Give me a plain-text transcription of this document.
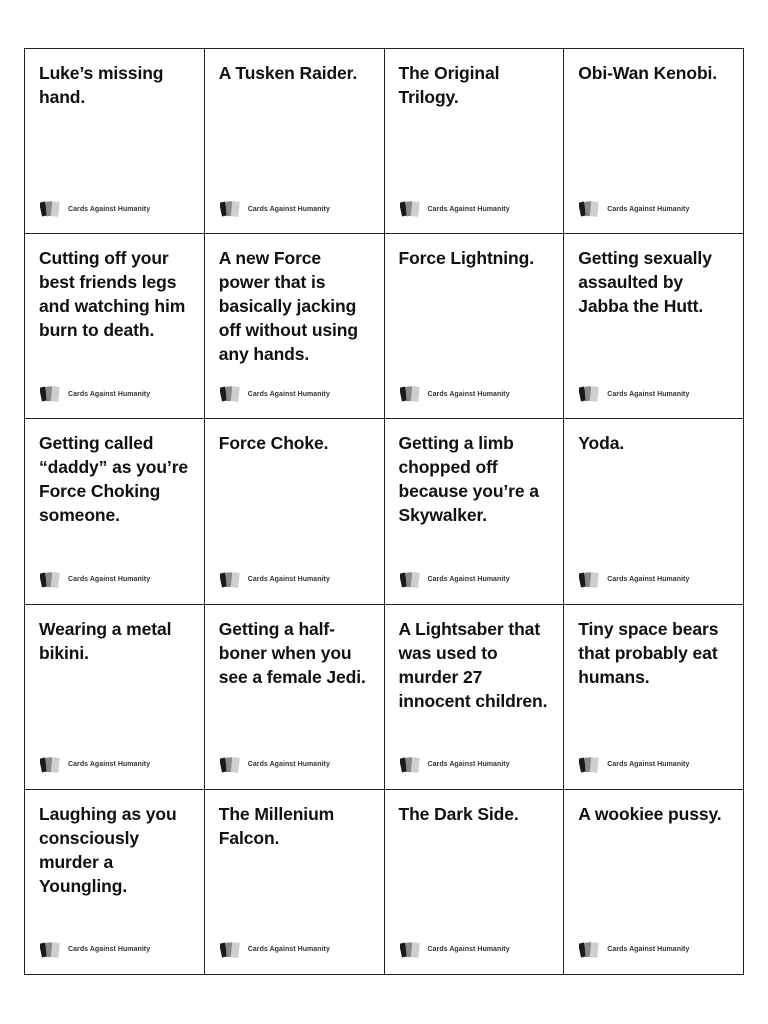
Luke’s missing hand.

Cards Against Humanity

A Tusken Raider.

Cards Against Humanity

The Original Trilogy.

Cards Against Humanity

Obi-Wan Kenobi.

Cards Against Humanity

Cutting off your best friends legs and watching him burn to death.

Cards Against Humanity

A new Force power that is basically jacking off without using any hands.

Cards Against Humanity

Force Lightning.

Cards Against Humanity

Getting sexually assaulted by Jabba the Hutt.

Cards Against Humanity

Getting called “daddy” as you’re Force Choking someone.

Cards Against Humanity

Force Choke.

Cards Against Humanity

Getting a limb chopped off because you’re a Skywalker.

Cards Against Humanity

Yoda.

Cards Against Humanity

Wearing a metal bikini.

Cards Against Humanity

Getting a half-boner when you see a female Jedi.

Cards Against Humanity

A Lightsaber that was used to murder 27 innocent children.

Cards Against Humanity

Tiny space bears that probably eat humans.

Cards Against Humanity

Laughing as you consciously murder a Youngling.

Cards Against Humanity

The Millenium Falcon.

Cards Against Humanity

The Dark Side.

Cards Against Humanity

A wookiee pussy.

Cards Against Humanity
